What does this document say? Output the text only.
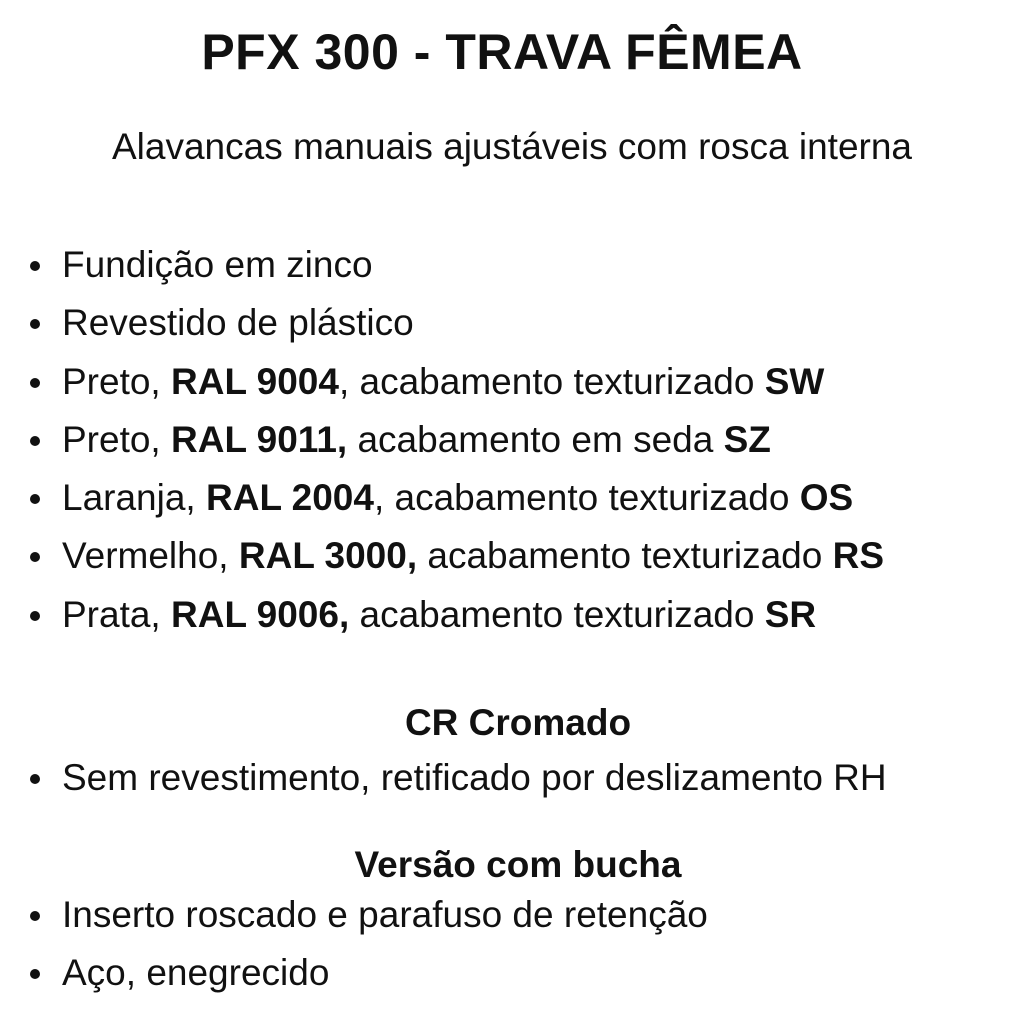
PFX 300 - TRAVA FÊMEA
Alavancas manuais ajustáveis com rosca interna
Fundição em zinco
Revestido de plástico
Preto, RAL 9004, acabamento texturizado SW
Preto, RAL 9011, acabamento em seda SZ
Laranja, RAL 2004, acabamento texturizado OS
Vermelho, RAL 3000, acabamento texturizado RS
Prata, RAL 9006, acabamento texturizado SR
CR Cromado
Sem revestimento, retificado por deslizamento RH
Versão com bucha
Inserto roscado e parafuso de retenção
Aço, enegrecido
